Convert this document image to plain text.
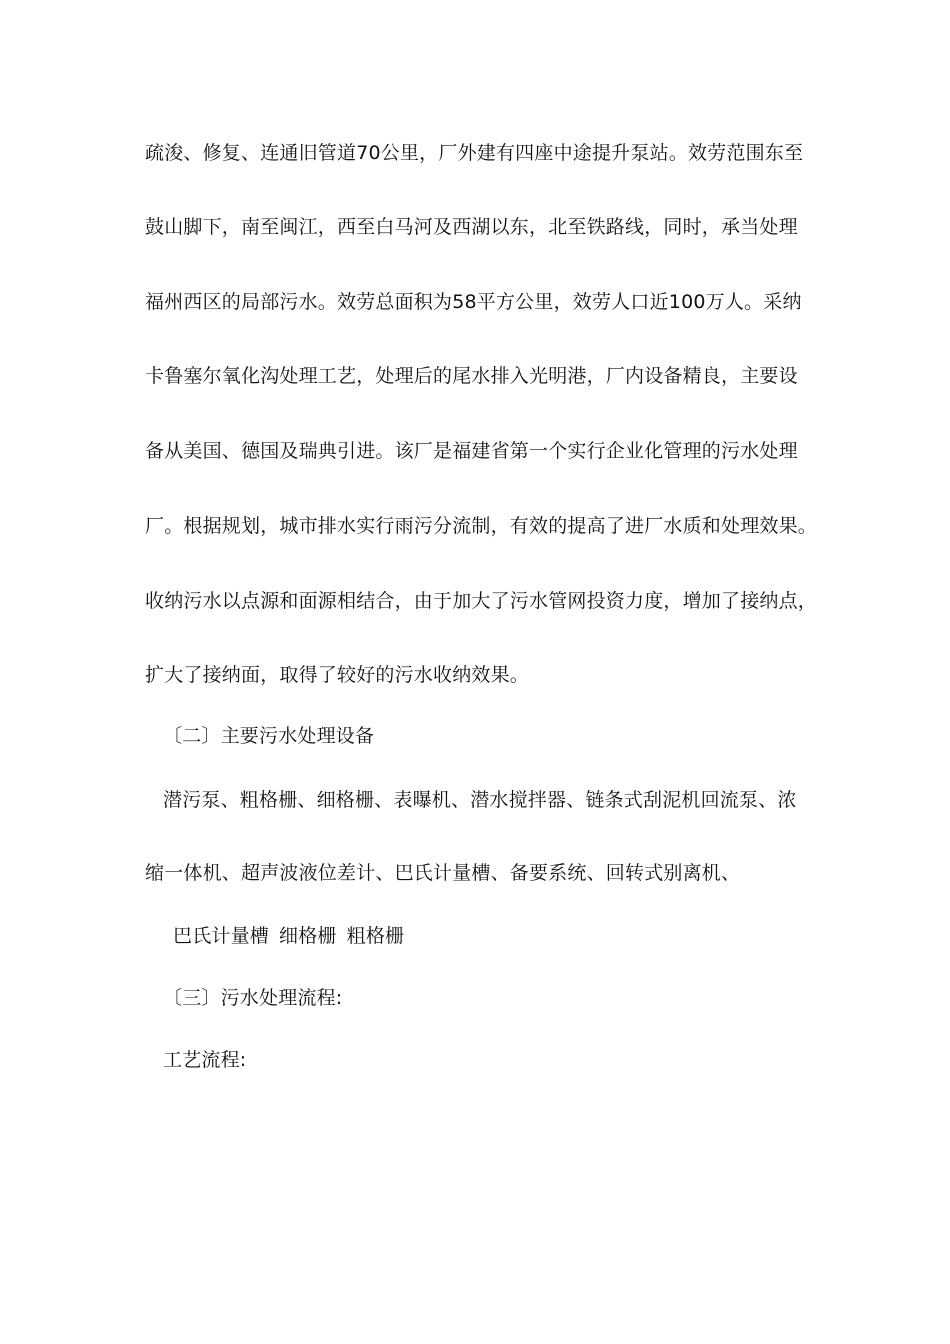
疏浚、修复、连通旧管道70公里，厂外建有四座中途提升泵站。效劳范围东至
鼓山脚下，南至闽江，西至白马河及西湖以东，北至铁路线，同时，承当处理
福州西区的局部污水。效劳总面积为58平方公里，效劳人口近100万人。采纳
卡鲁塞尔氧化沟处理工艺，处理后的尾水排入光明港，厂内设备精良，主要设
备从美国、德国及瑞典引进。该厂是福建省第一个实行企业化管理的污水处理
厂。根据规划，城市排水实行雨污分流制，有效的提高了进厂水质和处理效果。
收纳污水以点源和面源相结合，由于加大了污水管网投资力度，增加了接纳点，
扩大了接纳面，取得了较好的污水收纳效果。
〔二〕主要污水处理设备
潜污泵、粗格栅、细格栅、表曝机、潜水搅拌器、链条式刮泥机回流泵、浓
缩一体机、超声波液位差计、巴氏计量槽、备要系统、回转式别离机、
巴氏计量槽 细格栅 粗格栅
〔三〕污水处理流程:
工艺流程:
